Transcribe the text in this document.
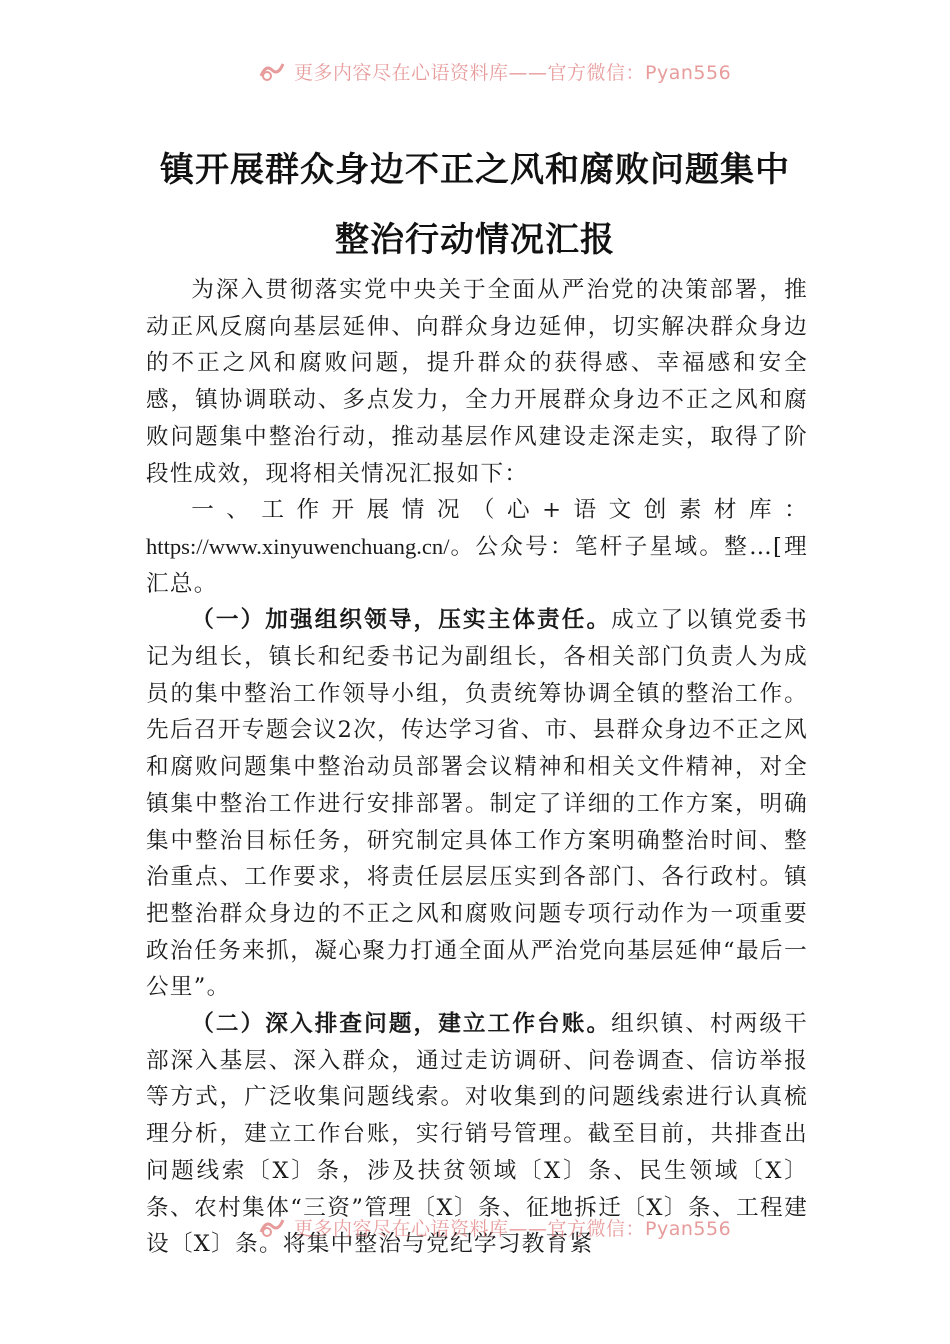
更多内容尽在心语资料库——官方微信：Pyan556
镇开展群众身边不正之风和腐败问题集中
整治行动情况汇报

为深入贯彻落实党中央关于全面从严治党的决策部署，推动正风反腐向基层延伸、向群众身边延伸，切实解决群众身边的不正之风和腐败问题，提升群众的获得感、幸福感和安全感，镇协调联动、多点发力，全力开展群众身边不正之风和腐败问题集中整治行动，推动基层作风建设走深走实，取得了阶段性成效，现将相关情况汇报如下：

一、工作开展情况（心+语文创素材库：https://www.xinyuwenchuang.cn/。公众号：笔杆子星域。整…[理汇总。

（一）加强组织领导，压实主体责任。成立了以镇党委书记为组长，镇长和纪委书记为副组长，各相关部门负责人为成员的集中整治工作领导小组，负责统筹协调全镇的整治工作。先后召开专题会议2次，传达学习省、市、县群众身边不正之风和腐败问题集中整治动员部署会议精神和相关文件精神，对全镇集中整治工作进行安排部署。制定了详细的工作方案，明确集中整治目标任务，研究制定具体工作方案明确整治时间、整治重点、工作要求，将责任层层压实到各部门、各行政村。镇把整治群众身边的不正之风和腐败问题专项行动作为一项重要政治任务来抓，凝心聚力打通全面从严治党向基层延伸“最后一公里”。

（二）深入排查问题，建立工作台账。组织镇、村两级干部深入基层、深入群众，通过走访调研、问卷调查、信访举报等方式，广泛收集问题线索。对收集到的问题线索进行认真梳理分析，建立工作台账，实行销号管理。截至目前，共排查出问题线索〔X〕条，涉及扶贫领域〔X〕条、民生领域〔X〕条、农村集体“三资”管理〔X〕条、征地拆迁〔X〕条、工程建设〔X〕条。将集中整治与党纪学习教育紧

更多内容尽在心语资料库——官方微信：Pyan556
